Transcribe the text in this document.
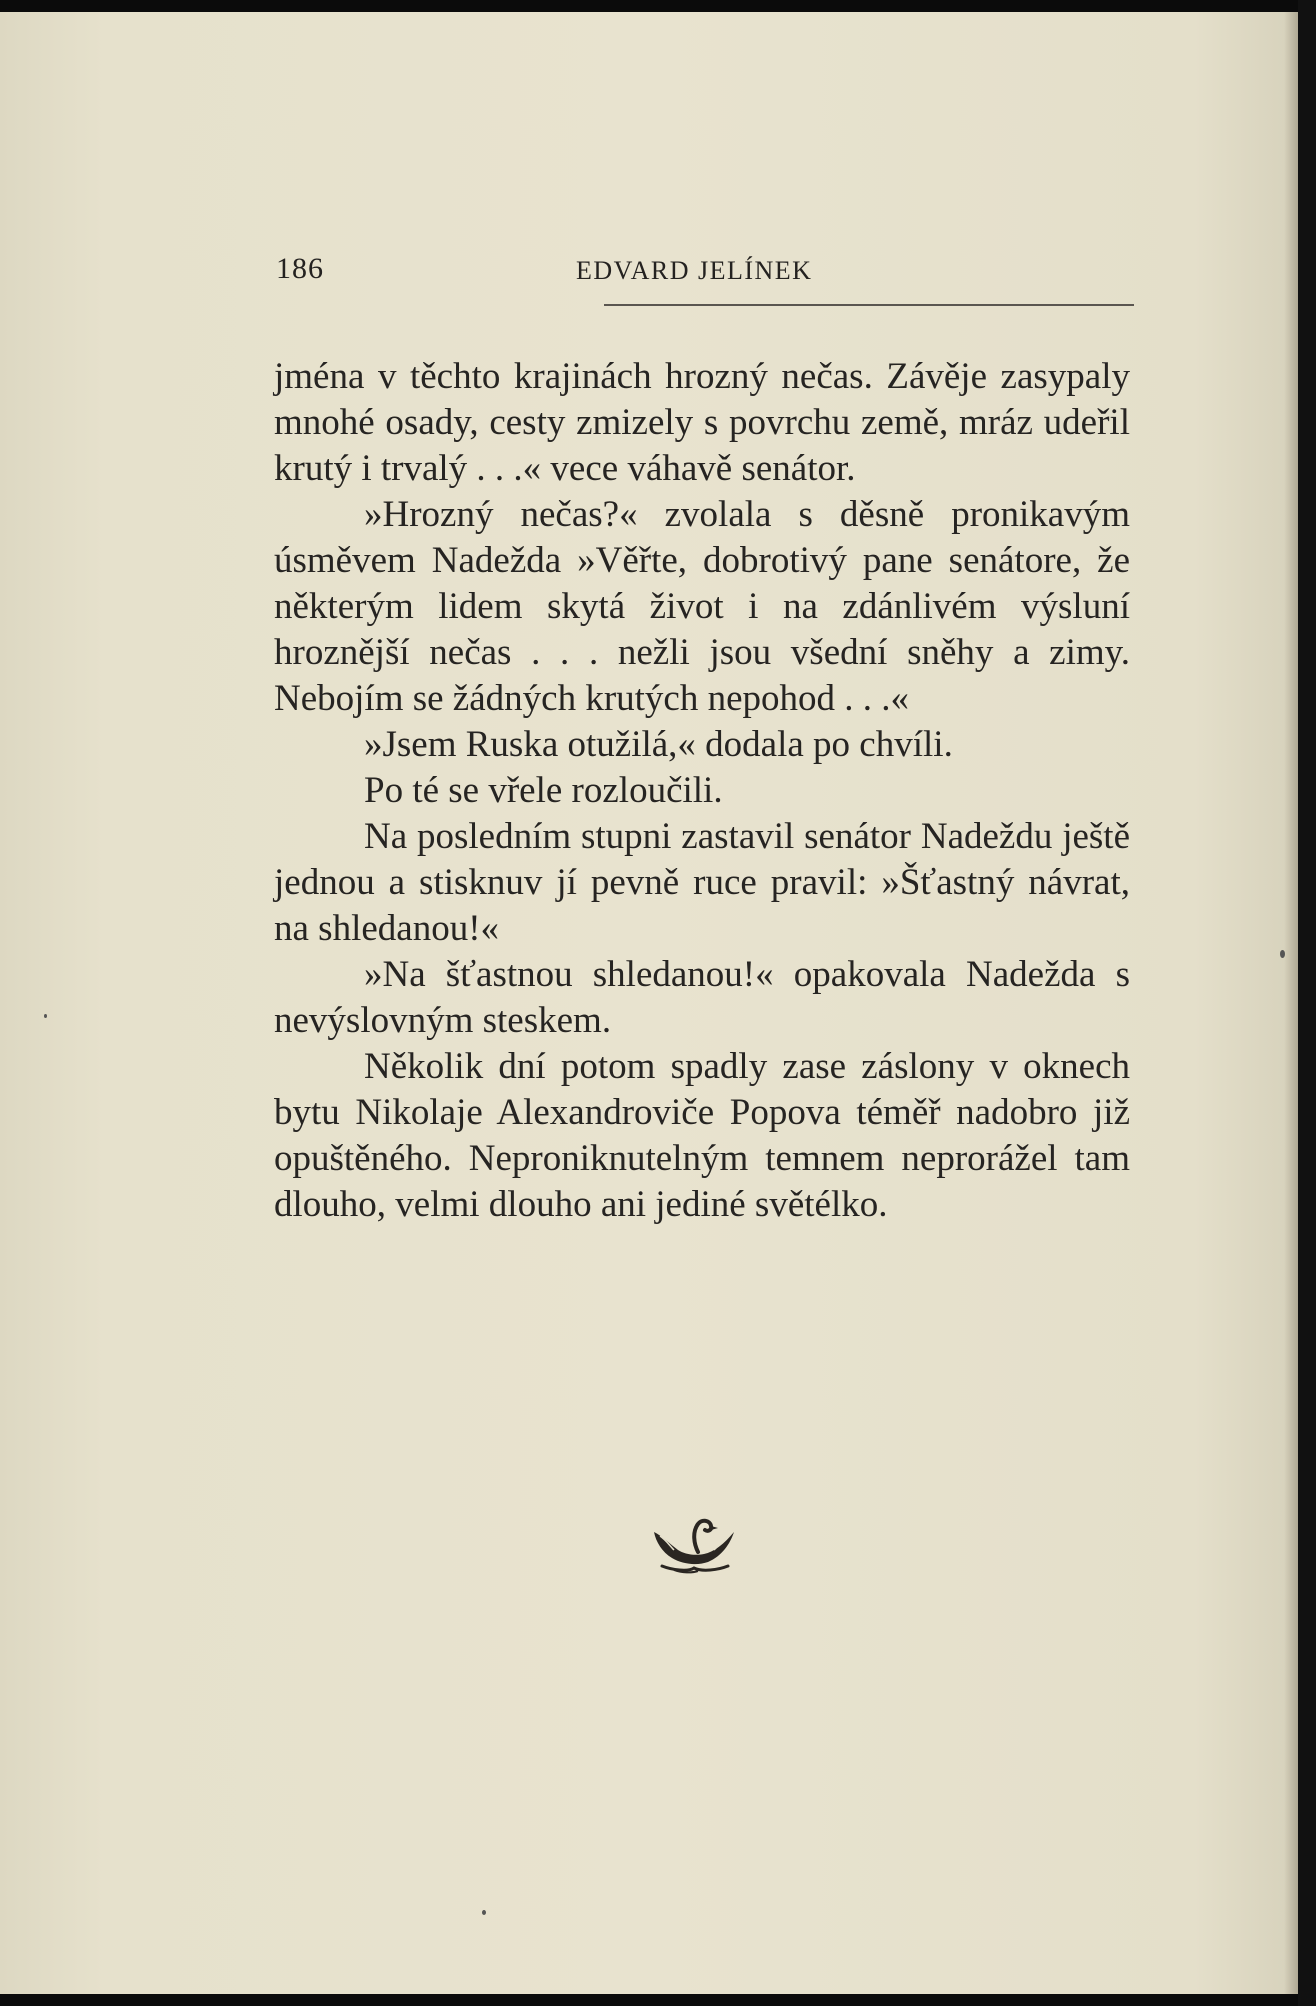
186	EDVARD JELÍNEK

jména v těchto krajinách hrozný nečas. Závěje zasypaly mnohé osady, cesty zmizely s povrchu země, mráz udeřil krutý i trvalý . . .« vece váhavě senátor.

»Hrozný nečas?« zvolala s děsně pronikavým úsměvem Nadežda »Věřte, dobrotivý pane senátore, že některým lidem skytá život i na zdánlivém výsluní hroznější nečas . . . nežli jsou všední sněhy a zimy. Nebojím se žádných krutých nepohod . . .«

»Jsem Ruska otužilá,« dodala po chvíli.

Po té se vřele rozloučili.

Na posledním stupni zastavil senátor Nadeždu ještě jednou a stisknuv jí pevně ruce pravil: »Šťastný návrat, na shledanou!«

»Na šťastnou shledanou!« opakovala Nadežda s nevýslovným steskem.

Několik dní potom spadly zase záslony v oknech bytu Nikolaje Alexandroviče Popova téměř nadobro již opuštěného. Neproniknutelným temnem neprorážel tam dlouho, velmi dlouho ani jediné světélko.
